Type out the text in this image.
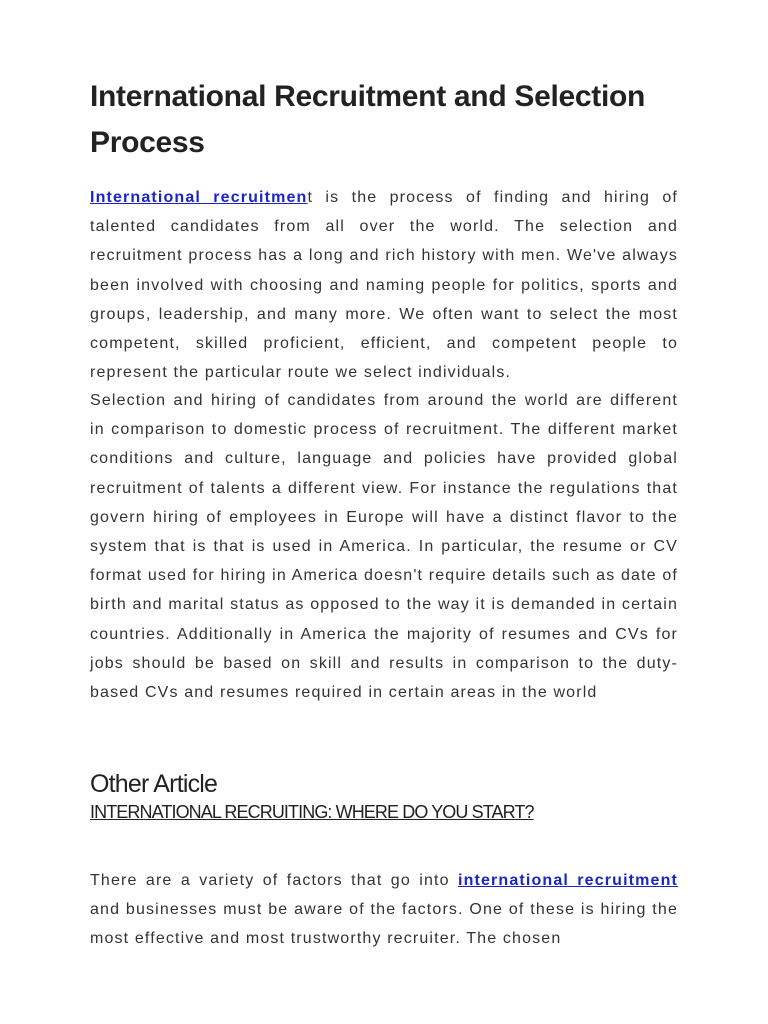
International Recruitment and Selection Process

International recruitment is the process of finding and hiring of talented candidates from all over the world. The selection and recruitment process has a long and rich history with men. We've always been involved with choosing and naming people for politics, sports and groups, leadership, and many more. We often want to select the most competent, skilled proficient, efficient, and competent people to represent the particular route we select individuals.

Selection and hiring of candidates from around the world are different in comparison to domestic process of recruitment. The different market conditions and culture, language and policies have provided global recruitment of talents a different view. For instance the regulations that govern hiring of employees in Europe will have a distinct flavor to the system that is that is used in America. In particular, the resume or CV format used for hiring in America doesn't require details such as date of birth and marital status as opposed to the way it is demanded in certain countries. Additionally in America the majority of resumes and CVs for jobs should be based on skill and results in comparison to the duty-based CVs and resumes required in certain areas in the world

Other Article
INTERNATIONAL RECRUITING: WHERE DO YOU START?

There are a variety of factors that go into international recruitment and businesses must be aware of the factors. One of these is hiring the most effective and most trustworthy recruiter. The chosen
